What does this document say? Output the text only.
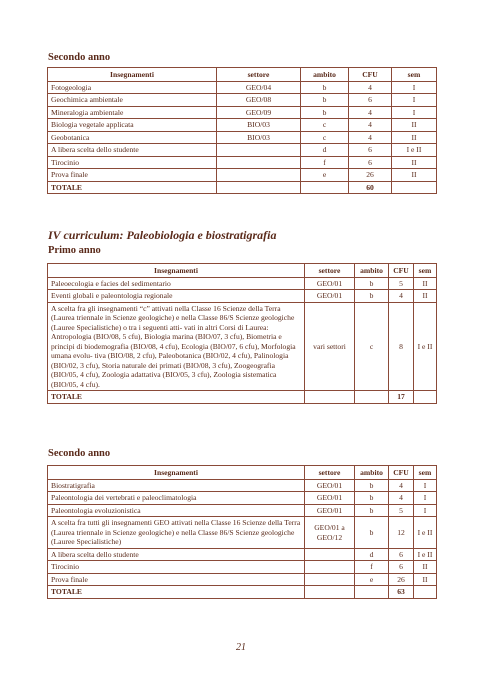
Secondo anno
Insegnamenti	settore	ambito	CFU	sem
Fotogeologia	GEO/04	b	4	I
Geochimica ambientale	GEO/08	b	6	I
Mineralogia ambientale	GEO/09	b	4	I
Biologia vegetale applicata	BIO/03	c	4	II
Geobotanica	BIO/03	c	4	II
A libera scelta dello studente		d	6	I e II
Tirocinio		f	6	II
Prova finale		e	26	II
TOTALE			60	
IV curriculum: Paleobiologia e biostratigrafia
Primo anno
Insegnamenti	settore	ambito	CFU	sem
Paleoecologia e facies del sedimentario	GEO/01	b	5	II
Eventi globali e paleontologia regionale	GEO/01	b	4	II
A scelta fra gli insegnamenti “c” attivati nella Classe 16 Scienze della Terra (Laurea triennale in Scienze geologiche) e nella Classe 86/S Scienze geologiche (Lauree Specialistiche) o tra i seguenti atti- vati in altri Corsi di Laurea: Antropologia (BIO/08, 5 cfu), Biologia marina (BIO/07, 3 cfu), Biometria e principi di biodemografia (BIO/08, 4 cfu), Ecologia (BIO/07, 6 cfu), Morfologia umana evolu- tiva (BIO/08, 2 cfu), Paleobotanica (BIO/02, 4 cfu), Palinologia (BIO/02, 3 cfu), Storia naturale dei primati (BIO/08, 3 cfu), Zoogeografia (BIO/05, 4 cfu), Zoologia adattativa (BIO/05, 3 cfu), Zoologia sistematica (BIO/05, 4 cfu).	vari settori	c	8	I e II
TOTALE			17	
Secondo anno
Insegnamenti	settore	ambito	CFU	sem
Biostratigrafia	GEO/01	b	4	I
Paleontologia dei vertebrati e paleoclimatologia	GEO/01	b	4	I
Paleontologia evoluzionistica	GEO/01	b	5	I
A scelta fra tutti gli insegnamenti GEO attivati nella Classe 16 Scienze della Terra (Laurea triennale in Scienze geologiche) e nella Classe 86/S Scienze geologiche (Lauree Specialistiche)	GEO/01 a GEO/12	b	12	I e II
A libera scelta dello studente		d	6	I e II
Tirocinio		f	6	II
Prova finale		e	26	II
TOTALE			63	
21
